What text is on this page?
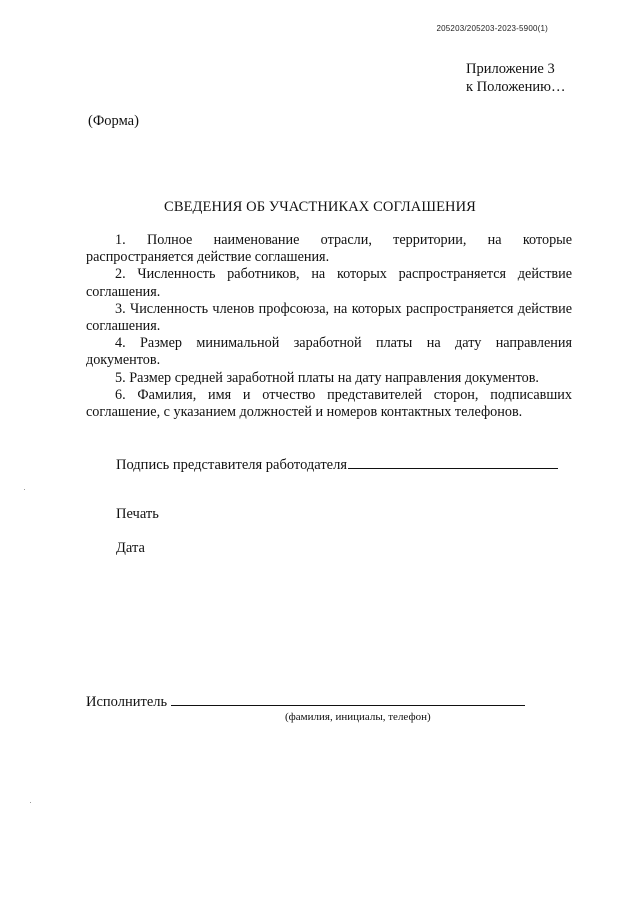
205203/205203-2023-5900(1)
Приложение 3
к Положению…
(Форма)
СВЕДЕНИЯ ОБ УЧАСТНИКАХ СОГЛАШЕНИЯ

1. Полное наименование отрасли, территории, на которые распространяется действие соглашения.

2. Численность работников, на которых распространяется действие соглашения.

3. Численность членов профсоюза, на которых распространяется действие соглашения.

4. Размер минимальной заработной платы на дату направления документов.

5. Размер средней заработной платы на дату направления документов.

6. Фамилия, имя и отчество представителей сторон, подписавших соглашение, с указанием должностей и номеров контактных телефонов.

Подпись представителя работодателя
Печать
Дата
Исполнитель
(фамилия, инициалы, телефон)
